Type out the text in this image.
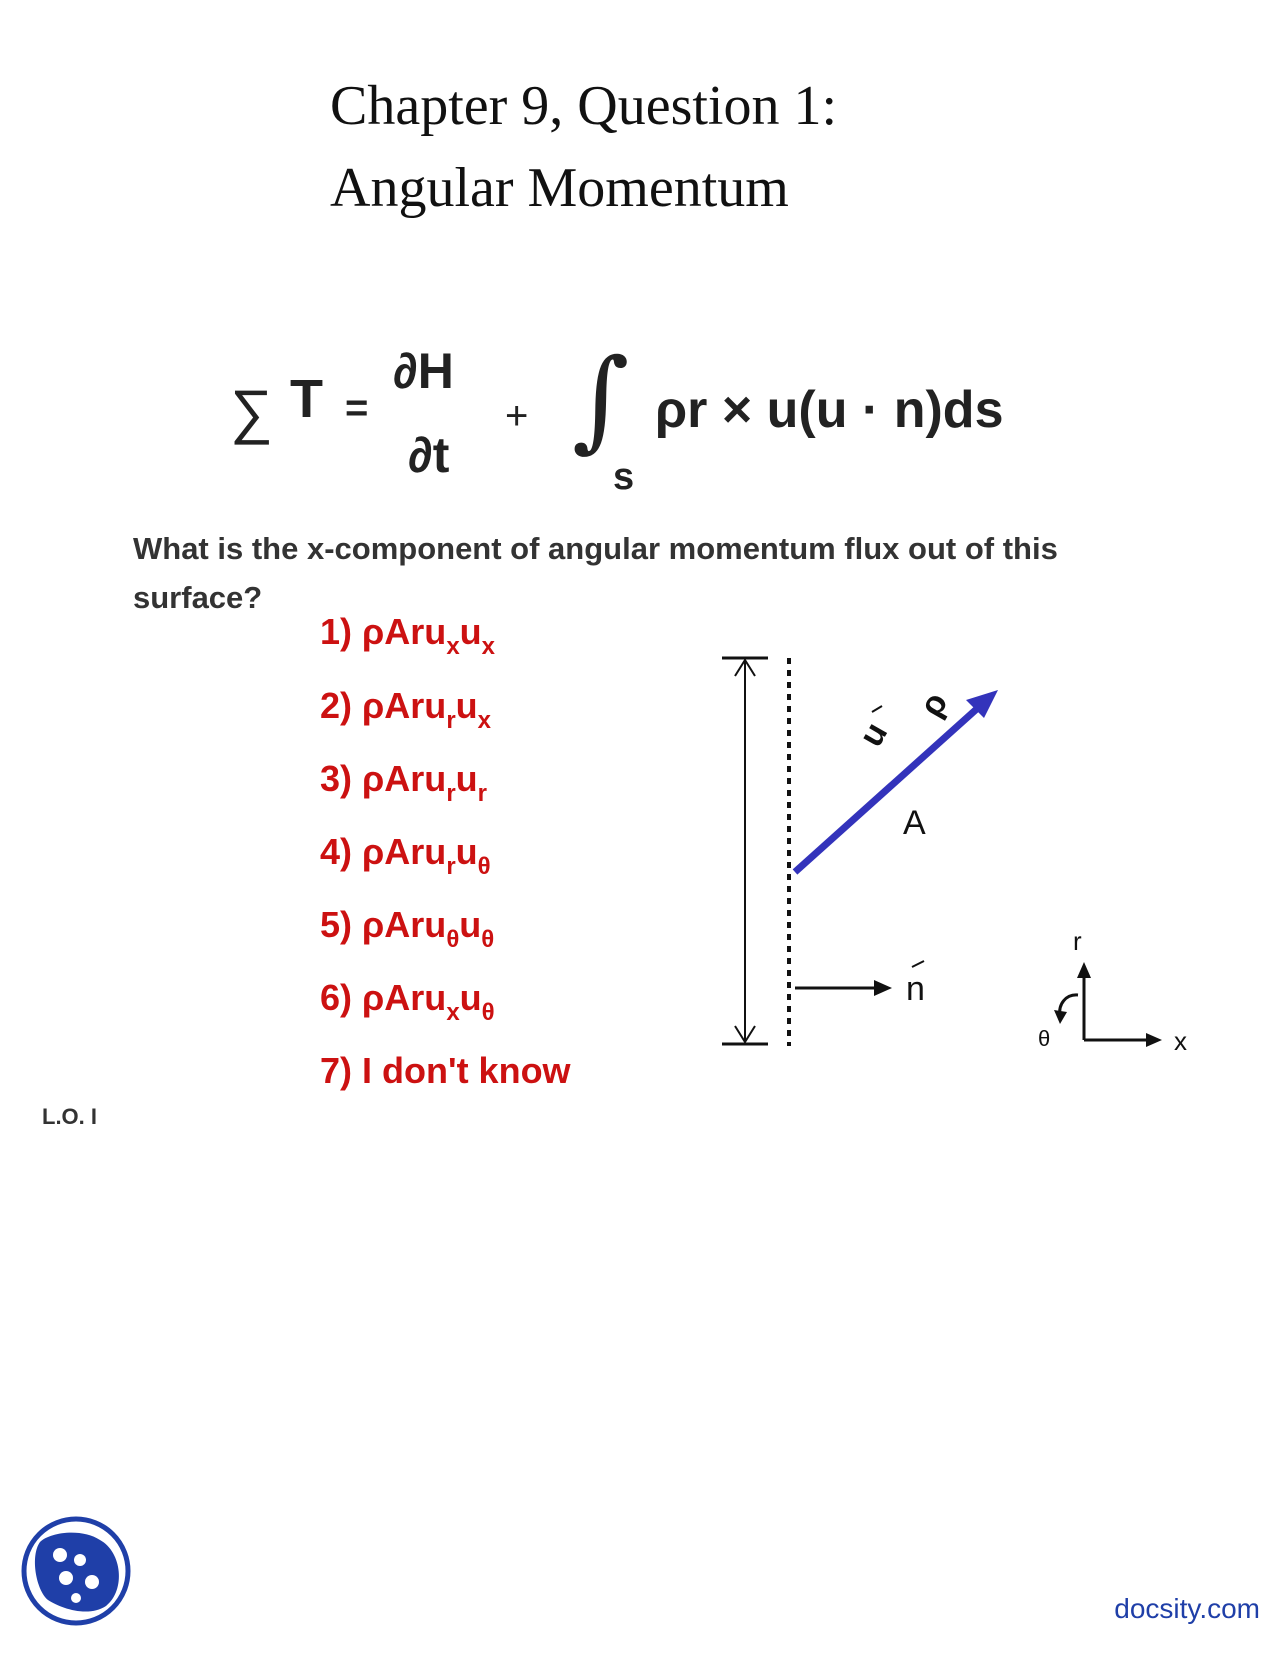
Chapter 9, Question 1:
Angular Momentum
∑ T =
∂H
∂t
+ ∫
s
ρr × u(u · n)ds
What is the x-component of angular momentum flux out of this surface?
1) $\rho Aru_xu_x$
2) $\rho Aru_ru_x$
3) $\rho Aru_ru_r$
4) $\rho Aru_ru_\theta$
5) $\rho Aru_\theta u_\theta$
6) $\rho Aru_xu_\theta$
7) I don't know
u
ρ
A
n
r
x
θ
L.O. I
docsity.com
